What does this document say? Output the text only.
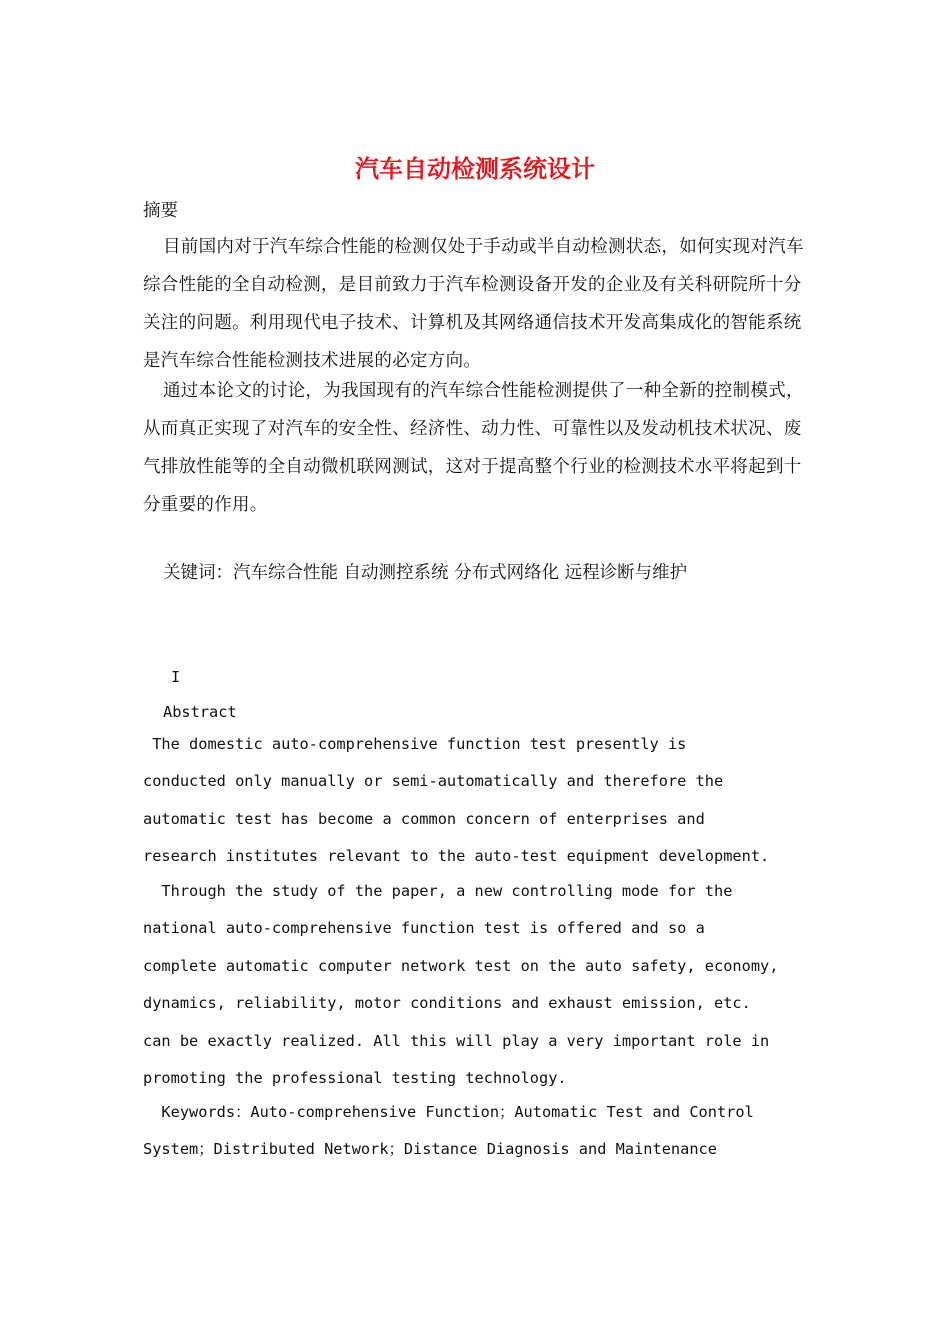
汽车自动检测系统设计

摘要

目前国内对于汽车综合性能的检测仅处于手动或半自动检测状态，如何实现对汽车综合性能的全自动检测，是目前致力于汽车检测设备开发的企业及有关科研院所十分关注的问题。利用现代电子技术、计算机及其网络通信技术开发高集成化的智能系统是汽车综合性能检测技术进展的必定方向。

通过本论文的讨论，为我国现有的汽车综合性能检测提供了一种全新的控制模式，从而真正实现了对汽车的安全性、经济性、动力性、可靠性以及发动机技术状况、废气排放性能等的全自动微机联网测试，这对于提高整个行业的检测技术水平将起到十分重要的作用。

关键词：汽车综合性能 自动测控系统 分布式网络化 远程诊断与维护

I

Abstract

The domestic auto-comprehensive function test presently is
conducted only manually or semi-automatically and therefore the
automatic test has become a common concern of enterprises and
research institutes relevant to the auto-test equipment development.
Through the study of the paper, a new controlling mode for the
national auto-comprehensive function test is offered and so a
complete automatic computer network test on the auto safety, economy,
dynamics, reliability, motor conditions and exhaust emission, etc.
can be exactly realized. All this will play a very important role in
promoting the professional testing technology.
Keywords：Auto-comprehensive Function；Automatic Test and Control
System；Distributed Network；Distance Diagnosis and Maintenance
